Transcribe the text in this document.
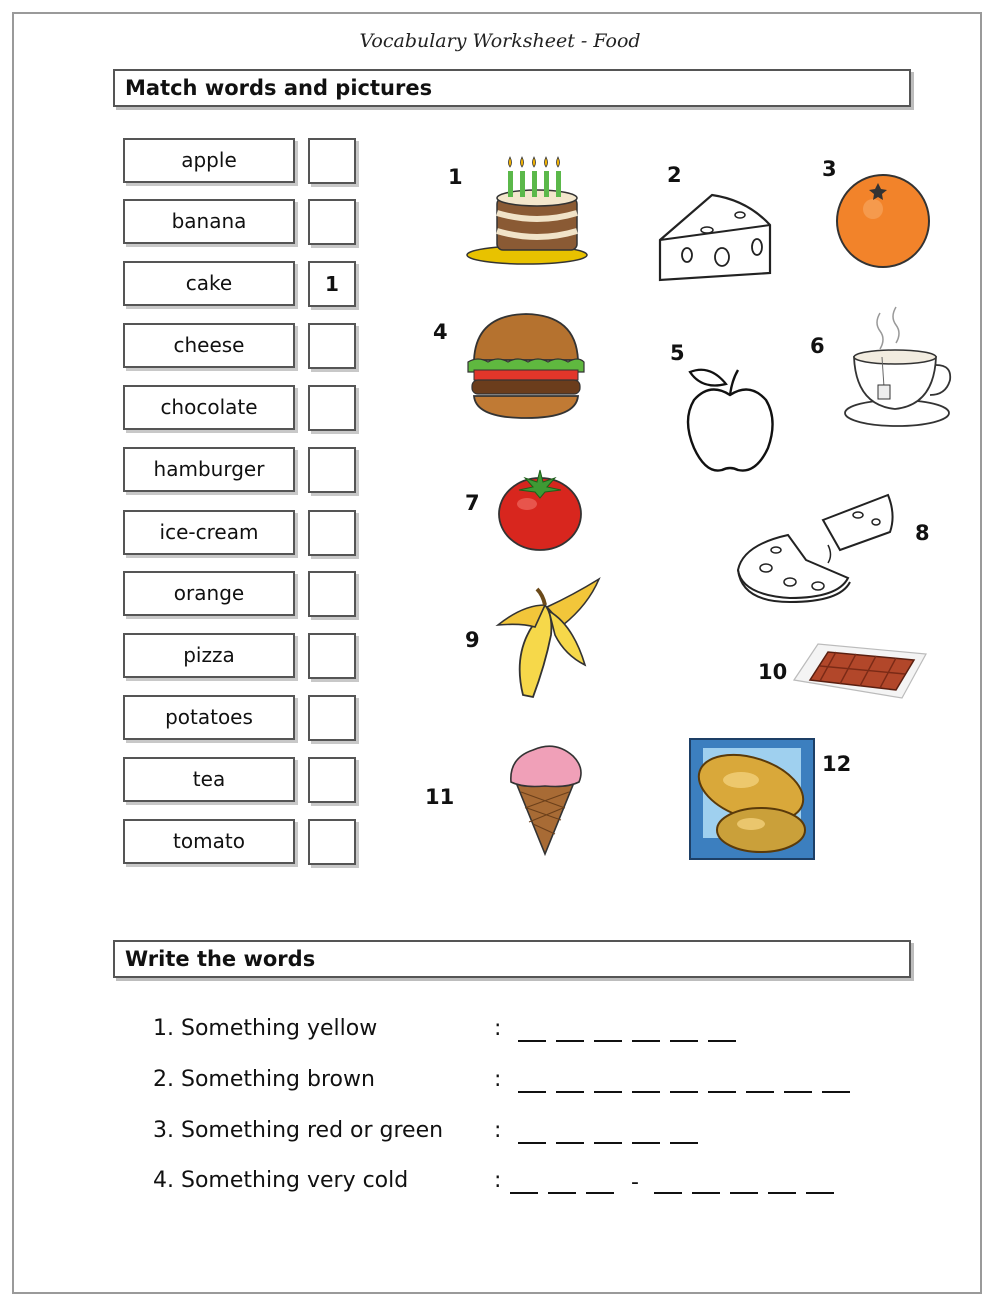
Vocabulary Worksheet - Food
Match words and pictures
apple
banana
cake	1
cheese
chocolate
hamburger
ice-cream
orange
pizza
potatoes
tea
tomato
1	2	3
4
5	6
7
8
9
10
11
12
Write the words
1. Something yellow	:
2. Something brown	:
3. Something red or green :
4. Something very cold	:	-
